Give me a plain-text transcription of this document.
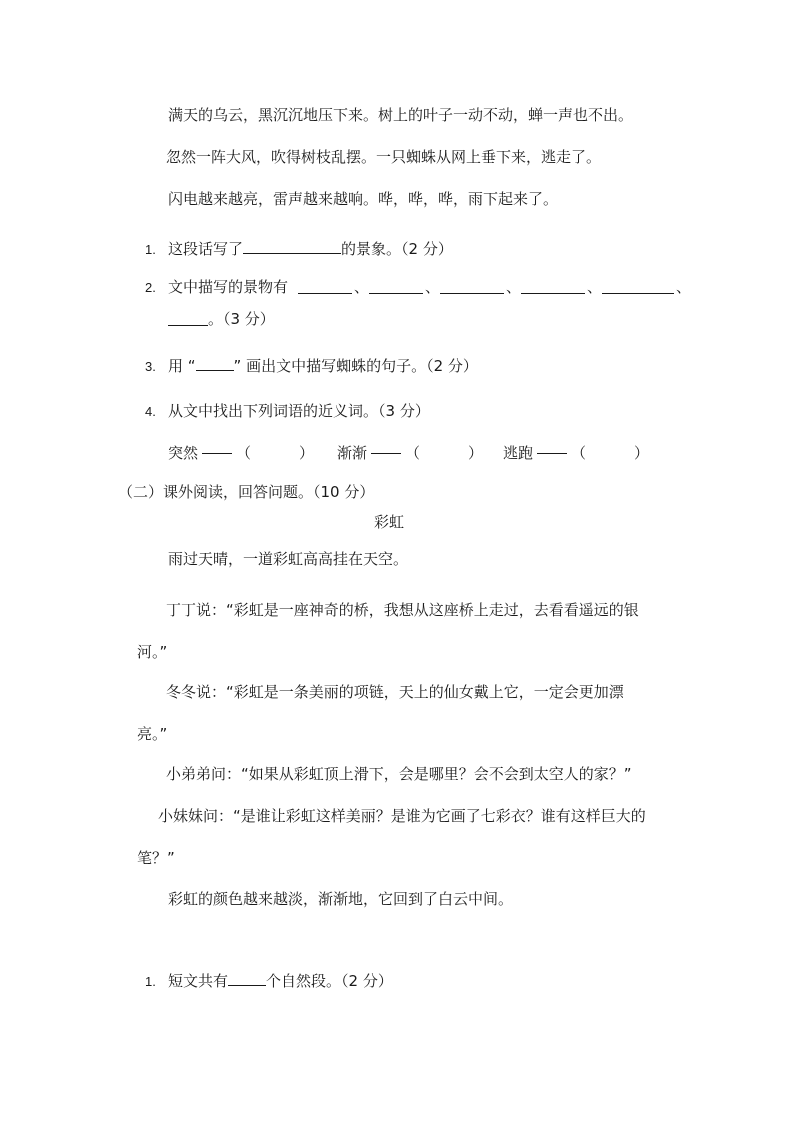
满天的乌云，黑沉沉地压下来。树上的叶子一动不动，蝉一声也不出。
忽然一阵大风，吹得树枝乱摆。一只蜘蛛从网上垂下来，逃走了。
闪电越来越亮，雷声越来越响。哗，哗，哗，雨下起来了。
1. 这段话写了	的景象。（2 分）
2. 文中描写的景物有	、	、	、	、	、
。（3 分）
3. 用 “	” 画出文中描写蜘蛛的句子。（2 分）
4. 从文中找出下列词语的近义词。（3 分）
突然	（	） 渐渐	（	） 逃跑	（	）
（二）课外阅读，回答问题。（10 分）
彩虹
雨过天晴，一道彩虹高高挂在天空。
丁丁说：“彩虹是一座神奇的桥，我想从这座桥上走过，去看看遥远的银
河。”
冬冬说：“彩虹是一条美丽的项链，天上的仙女戴上它，一定会更加漂
亮。”
小弟弟问：“如果从彩虹顶上滑下，会是哪里？会不会到太空人的家？”
小妹妹问：“是谁让彩虹这样美丽？是谁为它画了七彩衣？谁有这样巨大的
笔？”
彩虹的颜色越来越淡，渐渐地，它回到了白云中间。
1. 短文共有	个自然段。（2 分）
